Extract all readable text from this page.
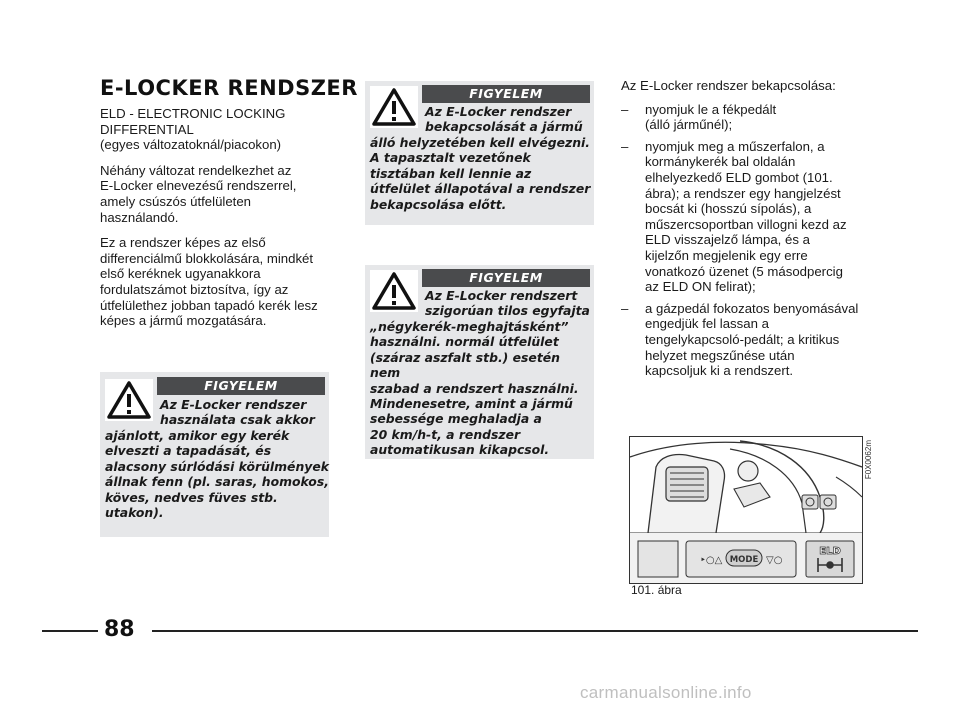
E-LOCKER RENDSZER

ELD - ELECTRONIC LOCKING
DIFFERENTIAL
(egyes változatoknál/piacokon)

Néhány változat rendelkezhet az
E-Locker elnevezésű rendszerrel,
amely csúszós útfelületen
használandó.

Ez a rendszer képes az első
differenciálmű blokkolására, mindkét
első keréknek ugyanakkora
fordulatszámot biztosítva, így az
útfelülethez jobban tapadó kerék lesz
képes a jármű mozgatására.

FIGYELEM
Az E-Locker rendszer
használata csak akkor
ajánlott, amikor egy kerék
elveszti a tapadását, és
alacsony súrlódási körülmények
állnak fenn (pl. saras, homokos,
köves, nedves füves stb.
utakon).
FIGYELEM
Az E-Locker rendszer
bekapcsolását a jármű
álló helyzetében kell elvégezni.
A tapasztalt vezetőnek
tisztában kell lennie az
útfelület állapotával a rendszer
bekapcsolása előtt.
FIGYELEM
Az E-Locker rendszert
szigorúan tilos egyfajta
„négykerék-meghajtásként”
használni. normál útfelület
(száraz aszfalt stb.) esetén nem
szabad a rendszert használni.
Mindenesetre, amint a jármű
sebessége meghaladja a
20 km/h-t, a rendszer
automatikusan kikapcsol.

Az E-Locker rendszer bekapcsolása:

– nyomjuk le a fékpedált
(álló járműnél);
– nyomjuk meg a műszerfalon, a
kormánykerék bal oldalán
elhelyezkedő ELD gombot (101.
ábra); a rendszer egy hangjelzést
bocsát ki (hosszú sípolás), a
műszercsoportban villogni kezd az
ELD visszajelző lámpa, és a
kijelzőn megjelenik egy erre
vonatkozó üzenet (5 másodpercig
az ELD ON felirat);
– a gázpedál fokozatos benyomásával
engedjük fel lassan a
tengelykapcsoló-pedált; a kritikus
helyzet megszűnése után
kapcsoljuk ki a rendszert.
‣○△ MODE ▽○
ELD
F0X0062m
101. ábra
88
carmanualsonline.info
